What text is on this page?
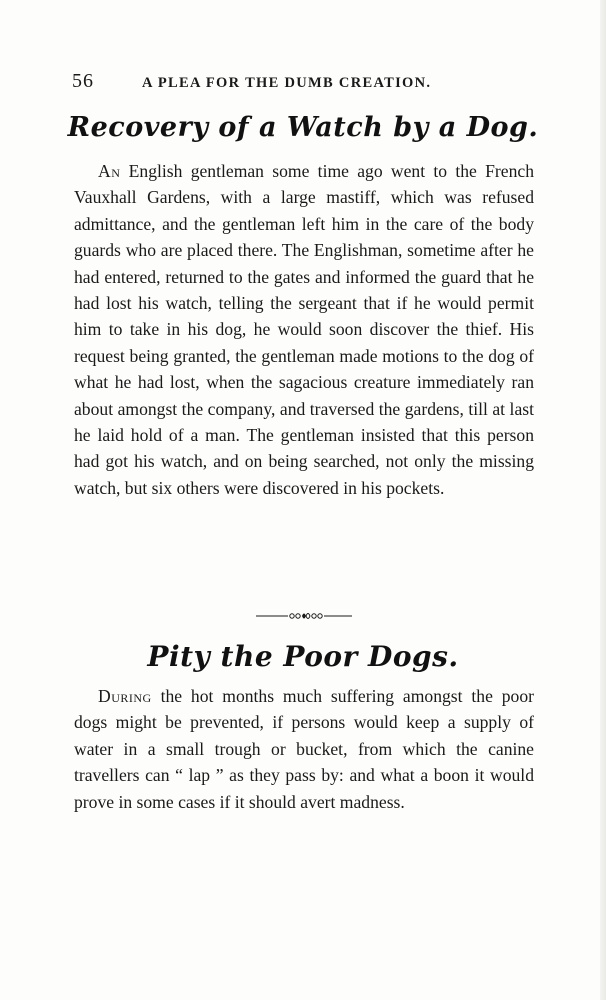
56	A PLEA FOR THE DUMB CREATION.
Recovery of a Watch by a Dog.

An English gentleman some time ago went to the French Vauxhall Gardens, with a large mastiff, which was refused admittance, and the gentleman left him in the care of the body guards who are placed there. The Englishman, sometime after he had entered, returned to the gates and informed the guard that he had lost his watch, telling the sergeant that if he would permit him to take in his dog, he would soon discover the thief. His request being granted, the gentleman made motions to the dog of what he had lost, when the sagacious creature immediately ran about amongst the company, and traversed the gardens, till at last he laid hold of a man. The gentleman insisted that this person had got his watch, and on being searched, not only the missing watch, but six others were discovered in his pockets.

Pity the Poor Dogs.

During the hot months much suffering amongst the poor dogs might be prevented, if persons would keep a supply of water in a small trough or bucket, from which the canine travellers can “ lap ” as they pass by: and what a boon it would prove in some cases if it should avert madness.
